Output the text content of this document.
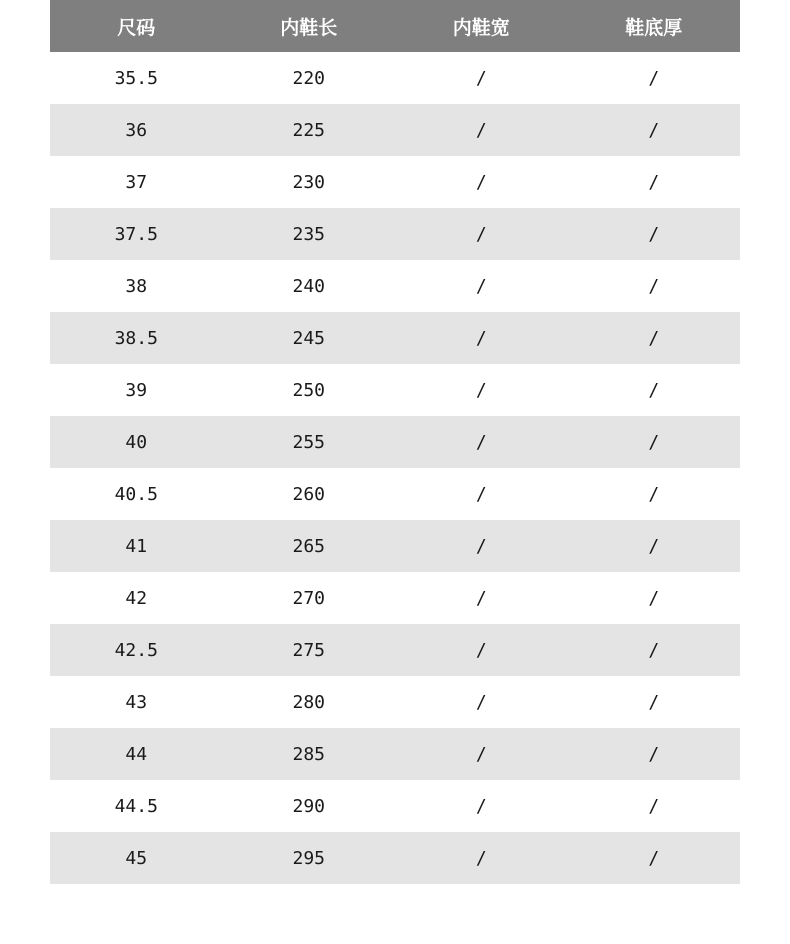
尺码	内鞋长	内鞋宽	鞋底厚
35.5	220	/	/
36	225	/	/
37	230	/	/
37.5	235	/	/
38	240	/	/
38.5	245	/	/
39	250	/	/
40	255	/	/
40.5	260	/	/
41	265	/	/
42	270	/	/
42.5	275	/	/
43	280	/	/
44	285	/	/
44.5	290	/	/
45	295	/	/
